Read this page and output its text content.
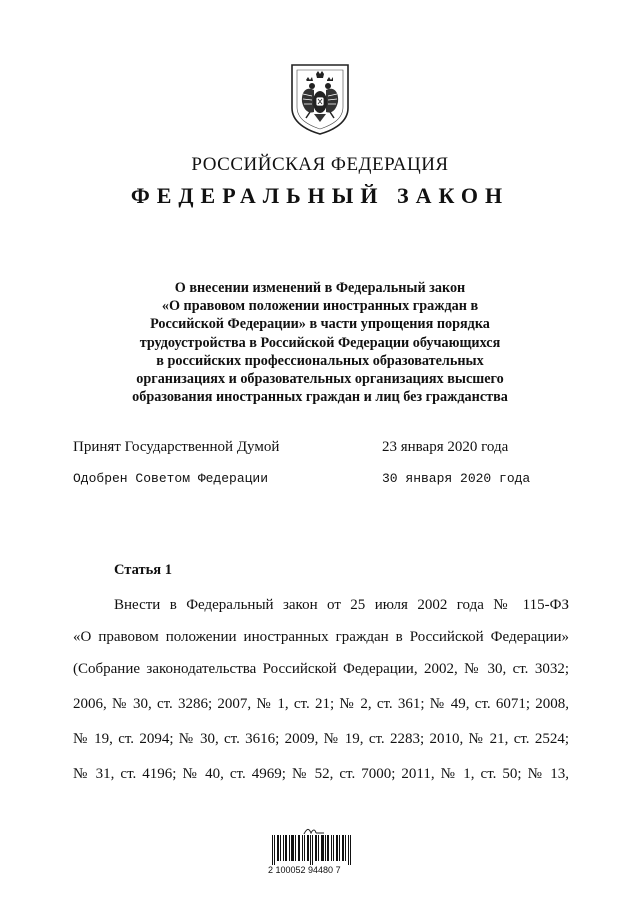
РОССИЙСКАЯ ФЕДЕРАЦИЯ
ФЕДЕРАЛЬНЫЙ ЗАКОН
О внесении изменений в Федеральный закон
«О правовом положении иностранных граждан в
Российской Федерации» в части упрощения порядка
трудоустройства в Российской Федерации обучающихся
в российских профессиональных образовательных
организациях и образовательных организациях высшего
образования иностранных граждан и лиц без гражданства
Принят Государственной Думой	23 января 2020 года
Одобрен Советом Федерации	30 января 2020 года
Статья 1
Внести в Федеральный закон от 25 июля 2002 года № 115-ФЗ
«О правовом положении иностранных граждан в Российской Федерации»
(Собрание законодательства Российской Федерации, 2002, № 30, ст. 3032;
2006, № 30, ст. 3286; 2007, № 1, ст. 21; № 2, ст. 361; № 49, ст. 6071; 2008,
№ 19, ст. 2094; № 30, ст. 3616; 2009, № 19, ст. 2283; 2010, № 21, ст. 2524;
№ 31, ст. 4196; № 40, ст. 4969; № 52, ст. 7000; 2011, № 1, ст. 50; № 13,
2 100052 94480 7
